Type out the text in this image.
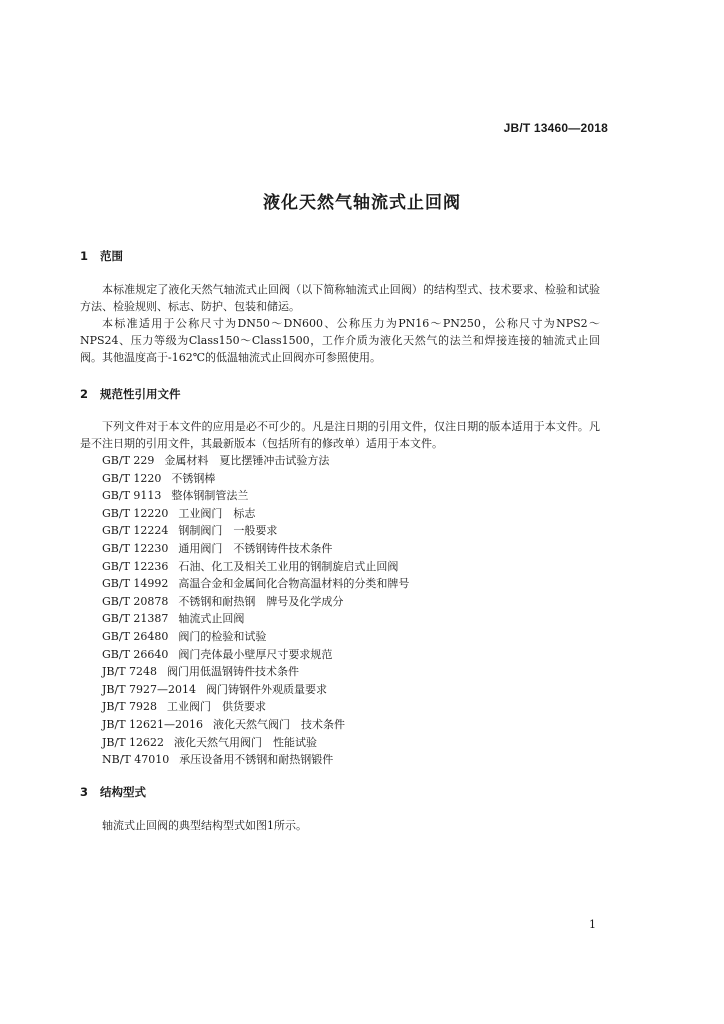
JB/T 13460—2018
液化天然气轴流式止回阀
1 范围

本标准规定了液化天然气轴流式止回阀（以下简称轴流式止回阀）的结构型式、技术要求、检验和试验方法、检验规则、标志、防护、包装和储运。

本标准适用于公称尺寸为DN50～DN600、公称压力为PN16～PN250，公称尺寸为NPS2～NPS24、压力等级为Class150～Class1500，工作介质为液化天然气的法兰和焊接连接的轴流式止回阀。 其他温度高于-162℃的低温轴流式止回阀亦可参照使用。

2 规范性引用文件

下列文件对于本文件的应用是必不可少的。凡是注日期的引用文件，仅注日期的版本适用于本文件。凡是不注日期的引用文件，其最新版本（包括所有的修改单）适用于本文件。

GB/T 229 金属材料　夏比摆锤冲击试验方法
GB/T 1220 不锈钢棒
GB/T 9113 整体钢制管法兰
GB/T 12220 工业阀门　标志
GB/T 12224 钢制阀门　一般要求
GB/T 12230 通用阀门　不锈钢铸件技术条件
GB/T 12236 石油、化工及相关工业用的钢制旋启式止回阀
GB/T 14992 高温合金和金属间化合物高温材料的分类和牌号
GB/T 20878 不锈钢和耐热钢　牌号及化学成分
GB/T 21387 轴流式止回阀
GB/T 26480 阀门的检验和试验
GB/T 26640 阀门壳体最小壁厚尺寸要求规范
JB/T 7248 阀门用低温钢铸件技术条件
JB/T 7927—2014 阀门铸钢件外观质量要求
JB/T 7928 工业阀门　供货要求
JB/T 12621—2016 液化天然气阀门　技术条件
JB/T 12622 液化天然气用阀门　性能试验
NB/T 47010 承压设备用不锈钢和耐热钢锻件
3 结构型式

轴流式止回阀的典型结构型式如图1所示。

1
